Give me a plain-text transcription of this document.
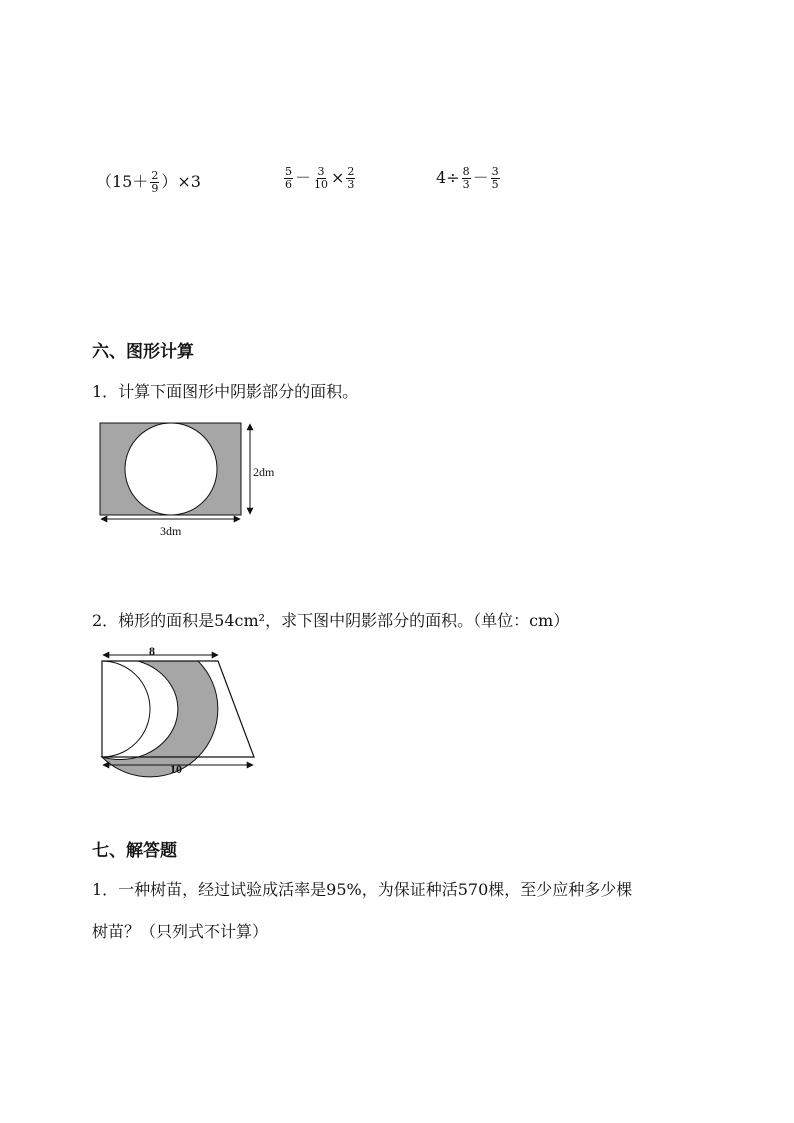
$(15+ \frac{2}{9} )\times 3$	$\frac{5}{6} - \frac{3}{10} \times \frac{2}{3}$	$4\div \frac{8}{3} - \frac{3}{5}$
六、图形计算
1．计算下面图形中阴影部分的面积。
3dm
2dm
2．梯形的面积是54cm²，求下图中阴影部分的面积。（单位：cm）
8
10
七、解答题
1．一种树苗，经过试验成活率是95%，为保证种活570棵，至少应种多少棵
树苗？（只列式不计算）
